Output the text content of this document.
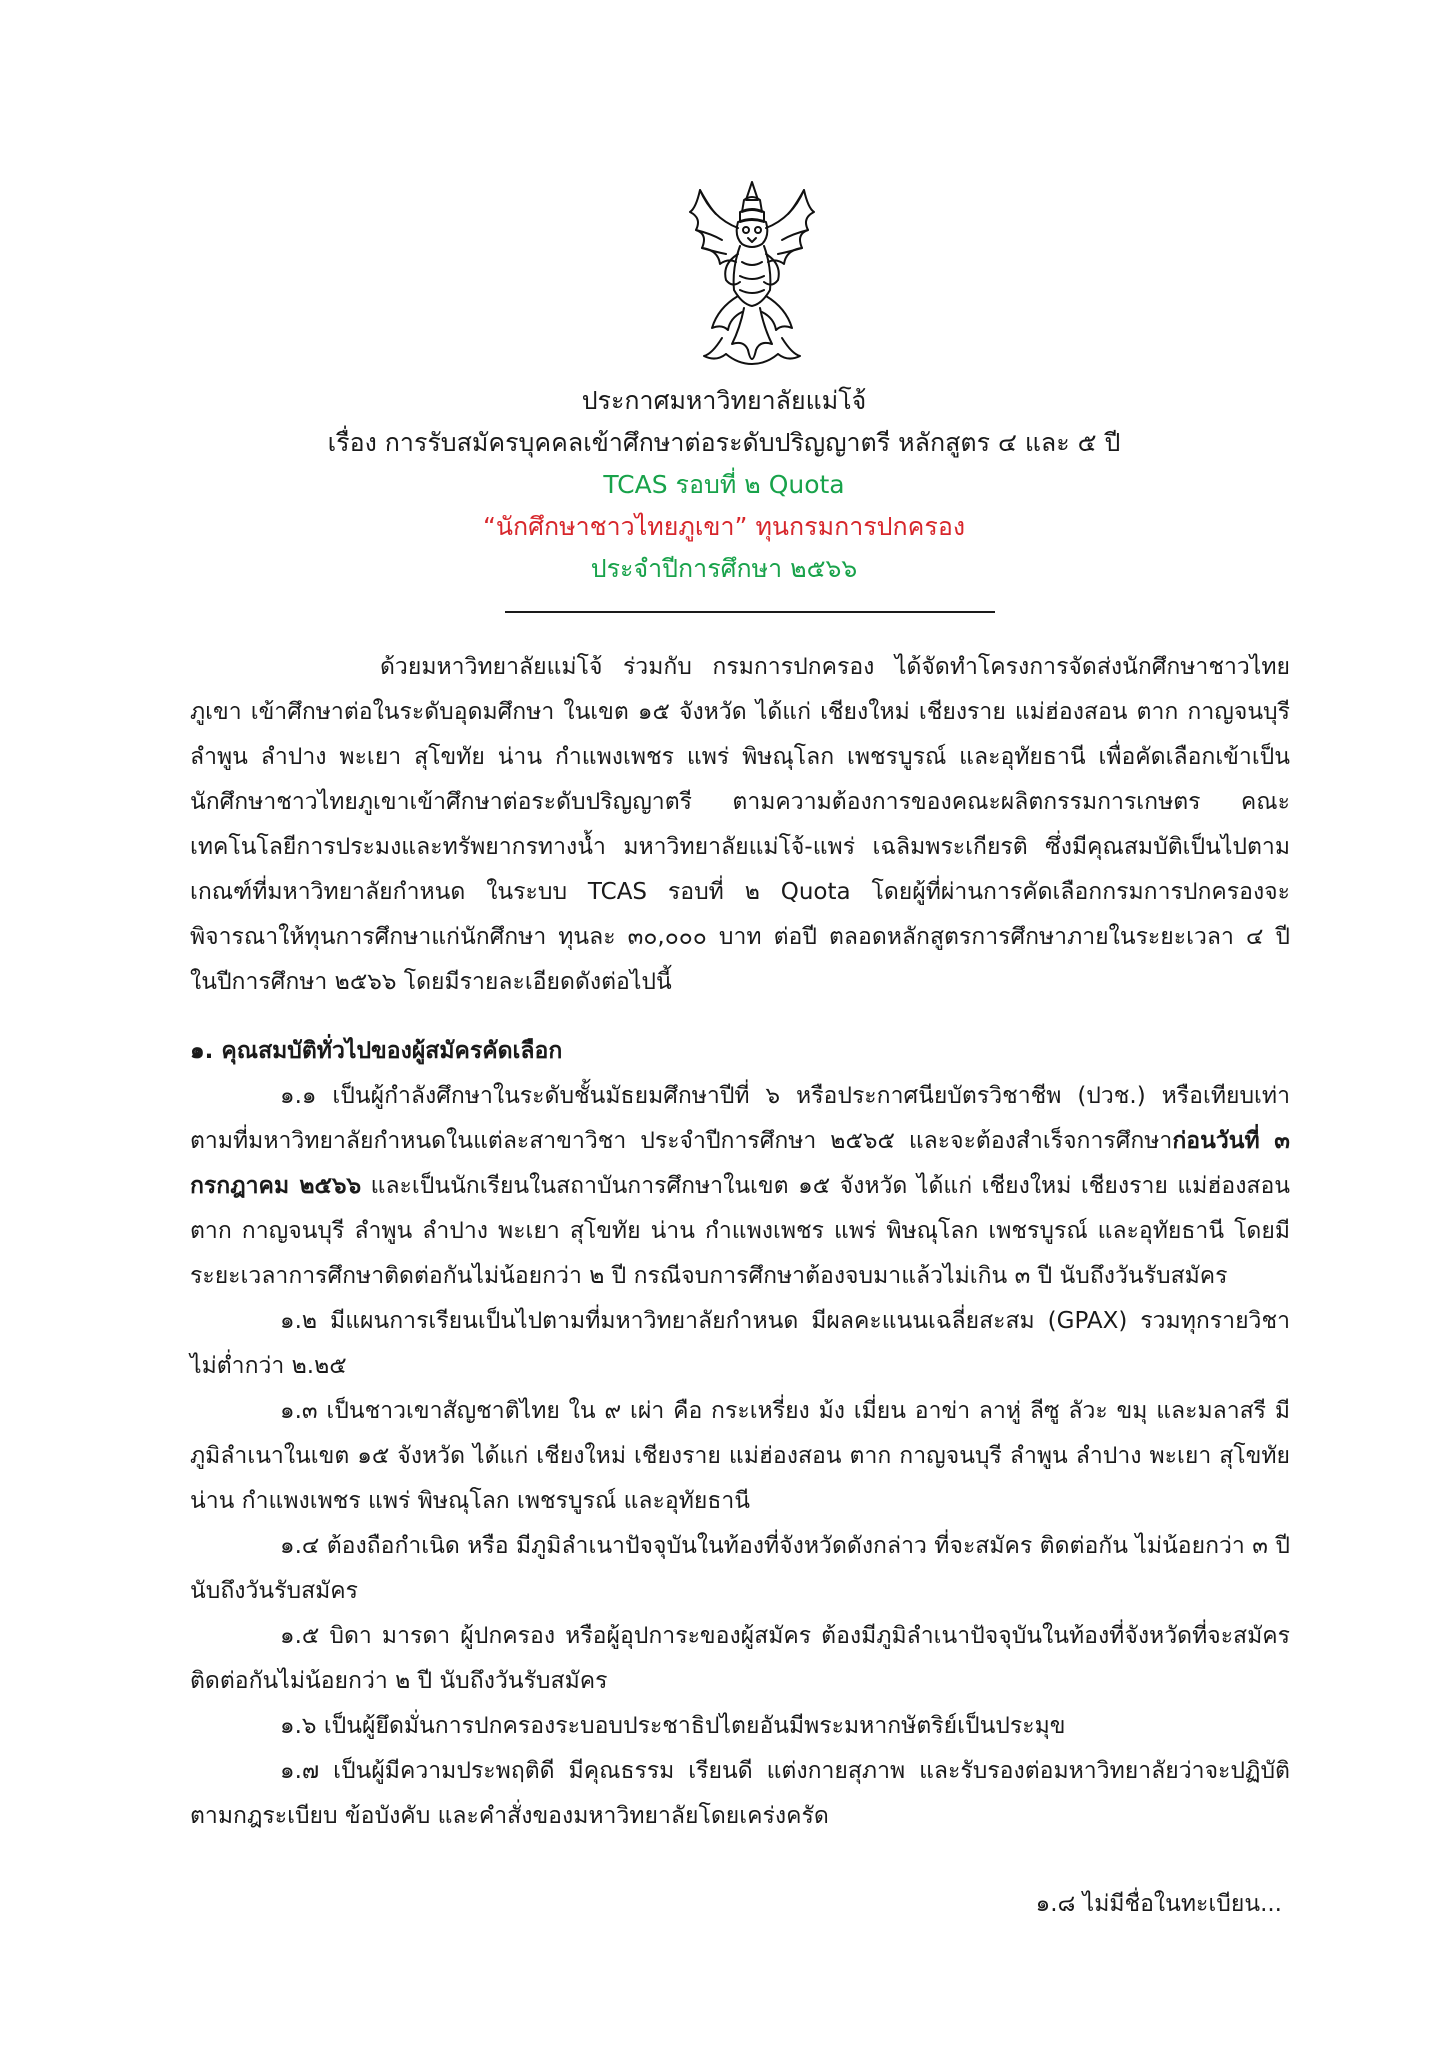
ประกาศมหาวิทยาลัยแม่โจ้
เรื่อง การรับสมัครบุคคลเข้าศึกษาต่อระดับปริญญาตรี หลักสูตร ๔ และ ๕ ปี
TCAS รอบที่ ๒ Quota
“นักศึกษาชาวไทยภูเขา” ทุนกรมการปกครอง
ประจำปีการศึกษา ๒๕๖๖

ด้วยมหาวิทยาลัยแม่โจ้ ร่วมกับ กรมการปกครอง ได้จัดทำโครงการจัดส่งนักศึกษาชาวไทยภูเขา เข้าศึกษาต่อในระดับอุดมศึกษา ในเขต ๑๕ จังหวัด ได้แก่ เชียงใหม่ เชียงราย แม่ฮ่องสอน ตาก กาญจนบุรี ลำพูน ลำปาง พะเยา สุโขทัย น่าน กำแพงเพชร แพร่ พิษณุโลก เพชรบูรณ์ และอุทัยธานี เพื่อคัดเลือกเข้าเป็นนักศึกษาชาวไทยภูเขาเข้าศึกษาต่อระดับปริญญาตรี ตามความต้องการของคณะผลิตกรรมการเกษตร คณะเทคโนโลยีการประมงและทรัพยากรทางน้ำ มหาวิทยาลัยแม่โจ้-แพร่ เฉลิมพระเกียรติ ซึ่งมีคุณสมบัติเป็นไปตามเกณฑ์ที่มหาวิทยาลัยกำหนด ในระบบ TCAS รอบที่ ๒ Quota โดยผู้ที่ผ่านการคัดเลือกกรมการปกครองจะพิจารณาให้ทุนการศึกษาแก่นักศึกษา ทุนละ ๓๐,๐๐๐ บาท ต่อปี ตลอดหลักสูตรการศึกษาภายในระยะเวลา ๔ ปี ในปีการศึกษา ๒๕๖๖ โดยมีรายละเอียดดังต่อไปนี้

๑. คุณสมบัติทั่วไปของผู้สมัครคัดเลือก

๑.๑ เป็นผู้กำลังศึกษาในระดับชั้นมัธยมศึกษาปีที่ ๖ หรือประกาศนียบัตรวิชาชีพ (ปวช.) หรือเทียบเท่า ตามที่มหาวิทยาลัยกำหนดในแต่ละสาขาวิชา ประจำปีการศึกษา ๒๕๖๕ และจะต้องสำเร็จการศึกษาก่อนวันที่ ๓ กรกฎาคม ๒๕๖๖ และเป็นนักเรียนในสถาบันการศึกษาในเขต ๑๕ จังหวัด ได้แก่ เชียงใหม่ เชียงราย แม่ฮ่องสอน ตาก กาญจนบุรี ลำพูน ลำปาง พะเยา สุโขทัย น่าน กำแพงเพชร แพร่ พิษณุโลก เพชรบูรณ์ และอุทัยธานี โดยมีระยะเวลาการศึกษาติดต่อกันไม่น้อยกว่า ๒ ปี กรณีจบการศึกษาต้องจบมาแล้วไม่เกิน ๓ ปี นับถึงวันรับสมัคร

๑.๒ มีแผนการเรียนเป็นไปตามที่มหาวิทยาลัยกำหนด มีผลคะแนนเฉลี่ยสะสม (GPAX) รวมทุกรายวิชาไม่ต่ำกว่า ๒.๒๕

๑.๓ เป็นชาวเขาสัญชาติไทย ใน ๙ เผ่า คือ กระเหรี่ยง ม้ง เมี่ยน อาข่า ลาหู่ ลีซู ลัวะ ขมุ และมลาสรี มีภูมิลำเนาในเขต ๑๕ จังหวัด ได้แก่ เชียงใหม่ เชียงราย แม่ฮ่องสอน ตาก กาญจนบุรี ลำพูน ลำปาง พะเยา สุโขทัย น่าน กำแพงเพชร แพร่ พิษณุโลก เพชรบูรณ์ และอุทัยธานี

๑.๔ ต้องถือกำเนิด หรือ มีภูมิลำเนาปัจจุบันในท้องที่จังหวัดดังกล่าว ที่จะสมัคร ติดต่อกัน ไม่น้อยกว่า ๓ ปี นับถึงวันรับสมัคร

๑.๕ บิดา มารดา ผู้ปกครอง หรือผู้อุปการะของผู้สมัคร ต้องมีภูมิลำเนาปัจจุบันในท้องที่จังหวัดที่จะสมัคร ติดต่อกันไม่น้อยกว่า ๒ ปี นับถึงวันรับสมัคร

๑.๖ เป็นผู้ยึดมั่นการปกครองระบอบประชาธิปไตยอันมีพระมหากษัตริย์เป็นประมุข

๑.๗ เป็นผู้มีความประพฤติดี มีคุณธรรม เรียนดี แต่งกายสุภาพ และรับรองต่อมหาวิทยาลัยว่าจะปฏิบัติตามกฎระเบียบ ข้อบังคับ และคำสั่งของมหาวิทยาลัยโดยเคร่งครัด

๑.๘ ไม่มีชื่อในทะเบียน...
